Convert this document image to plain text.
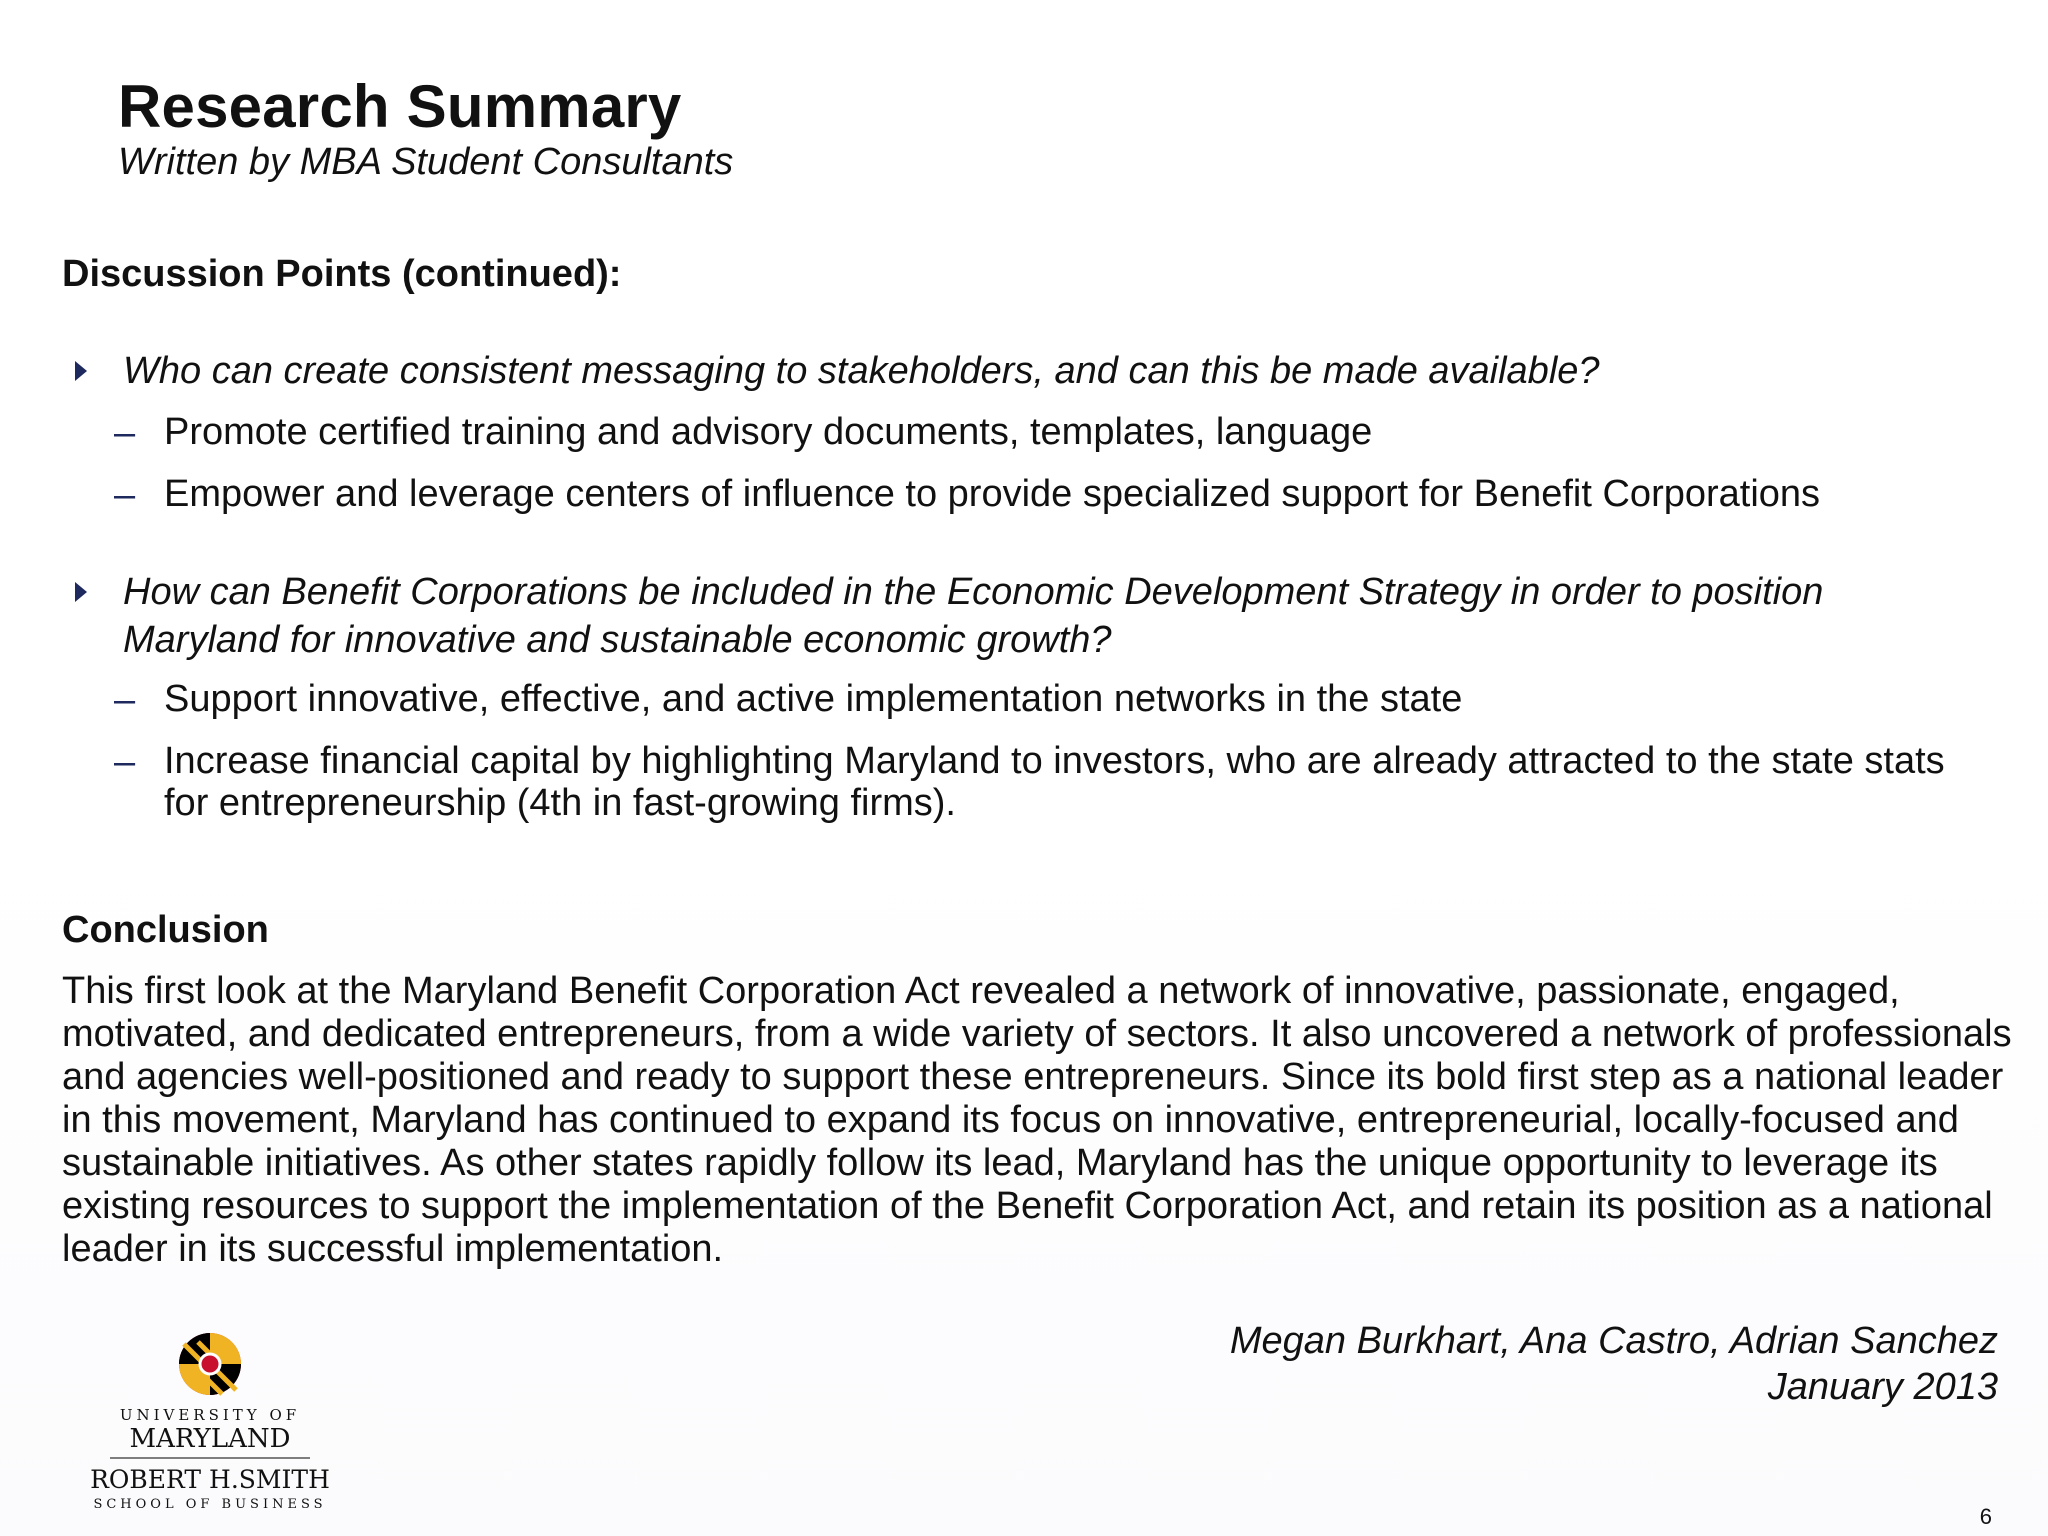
Research Summary
Written by MBA Student Consultants
Discussion Points (continued):
Who can create consistent messaging to stakeholders, and can this be made available?
– Promote certified training and advisory documents, templates, language
– Empower and leverage centers of influence to provide specialized support for Benefit Corporations
How can Benefit Corporations be included in the Economic Development Strategy in order to position Maryland for innovative and sustainable economic growth?
– Support innovative, effective, and active implementation networks in the state
– Increase financial capital by highlighting Maryland to investors, who are already attracted to the state stats for entrepreneurship (4th in fast-growing firms).
Conclusion
This first look at the Maryland Benefit Corporation Act revealed a network of innovative, passionate, engaged, motivated, and dedicated entrepreneurs, from a wide variety of sectors. It also uncovered a network of professionals and agencies well-positioned and ready to support these entrepreneurs. Since its bold first step as a national leader in this movement, Maryland has continued to expand its focus on innovative, entrepreneurial, locally-focused and sustainable initiatives. As other states rapidly follow its lead, Maryland has the unique opportunity to leverage its existing resources to support the implementation of the Benefit Corporation Act, and retain its position as a national leader in its successful implementation.
Megan Burkhart, Ana Castro, Adrian Sanchez
January 2013
UNIVERSITY OF
MARYLAND
ROBERT H.SMITH
SCHOOL OF BUSINESS	6
